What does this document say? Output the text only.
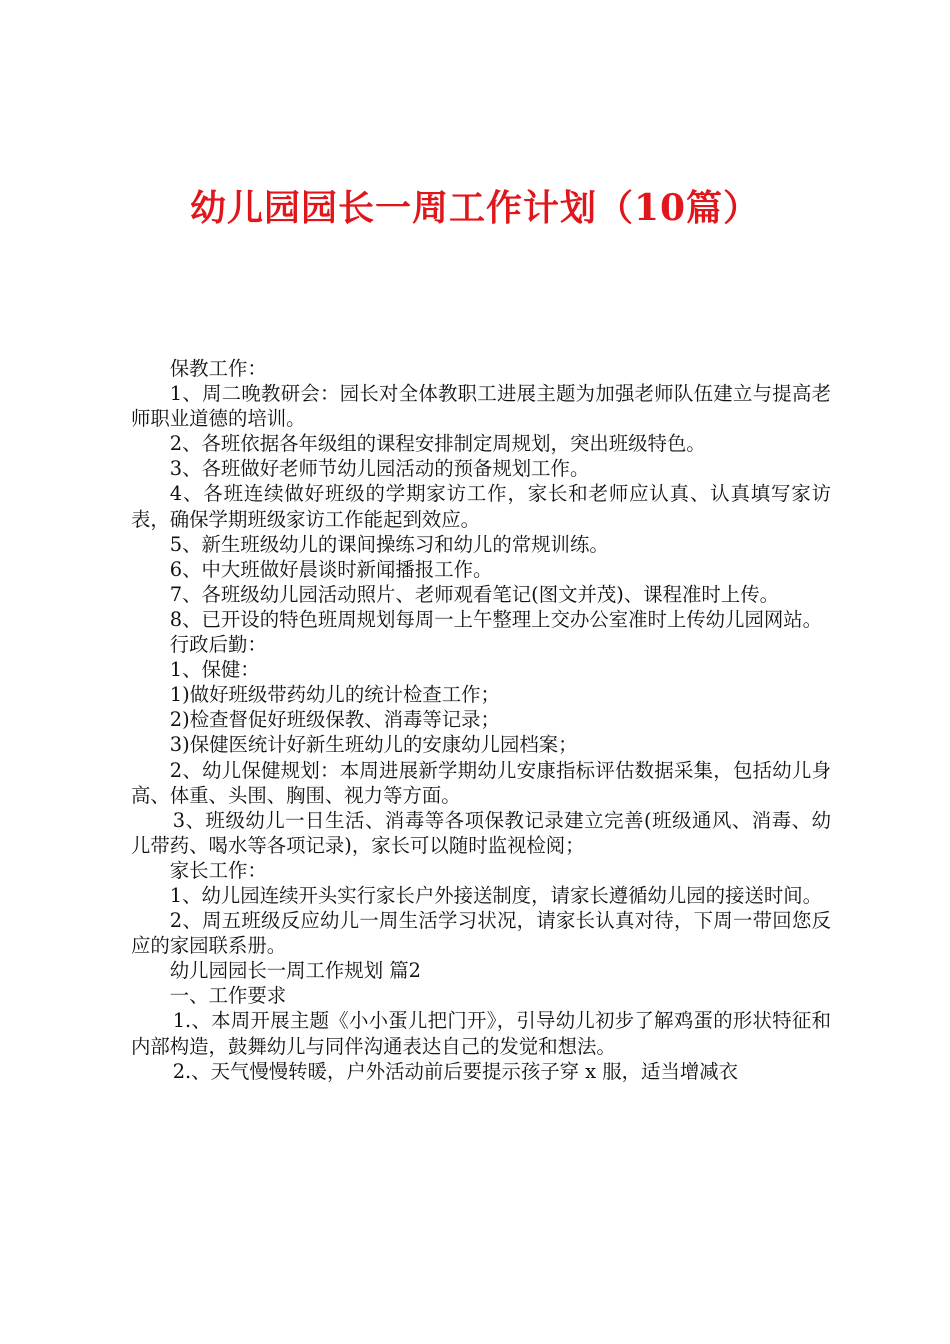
幼儿园园长一周工作计划（10篇）

保教工作：

1、周二晚教研会：园长对全体教职工进展主题为加强老师队伍建立与提高老师职业道德的培训。

2、各班依据各年级组的课程安排制定周规划，突出班级特色。

3、各班做好老师节幼儿园活动的预备规划工作。

4、各班连续做好班级的学期家访工作，家长和老师应认真、认真填写家访表，确保学期班级家访工作能起到效应。

5、新生班级幼儿的课间操练习和幼儿的常规训练。

6、中大班做好晨谈时新闻播报工作。

7、各班级幼儿园活动照片、老师观看笔记(图文并茂)、课程准时上传。

8、已开设的特色班周规划每周一上午整理上交办公室准时上传幼儿园网站。

行政后勤：

1、保健：

1)做好班级带药幼儿的统计检查工作；

2)检查督促好班级保教、消毒等记录；

3)保健医统计好新生班幼儿的安康幼儿园档案；

2、幼儿保健规划：本周进展新学期幼儿安康指标评估数据采集，包括幼儿身高、体重、头围、胸围、视力等方面。

3、班级幼儿一日生活、消毒等各项保教记录建立完善(班级通风、消毒、幼儿带药、喝水等各项记录)，家长可以随时监视检阅；

家长工作：

1、幼儿园连续开头实行家长户外接送制度，请家长遵循幼儿园的接送时间。

2、周五班级反应幼儿一周生活学习状况，请家长认真对待，下周一带回您反应的家园联系册。

幼儿园园长一周工作规划 篇2

一、工作要求

1.、本周开展主题《小小蛋儿把门开》，引导幼儿初步了解鸡蛋的形状特征和内部构造，鼓舞幼儿与同伴沟通表达自己的发觉和想法。

2.、天气慢慢转暖，户外活动前后要提示孩子穿 x 服，适当增减衣
